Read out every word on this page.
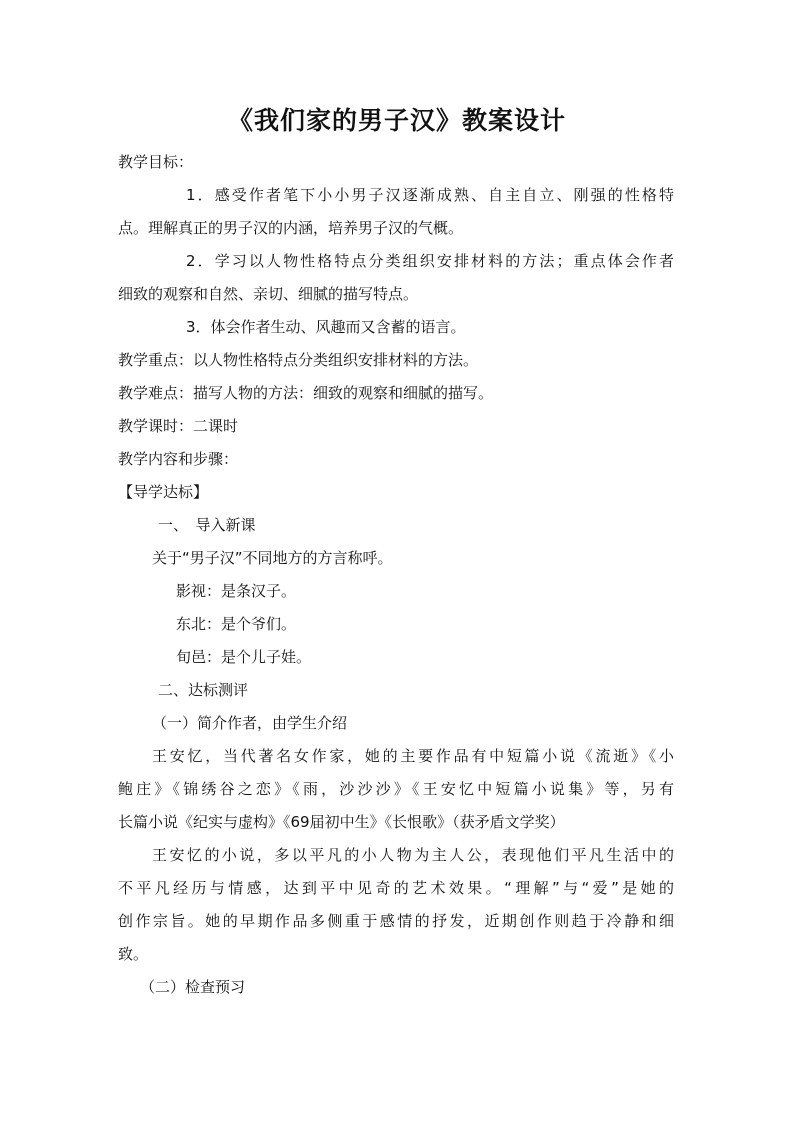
《我们家的男子汉》教案设计
教学目标：
1．感受作者笔下小小男子汉逐渐成熟、自主自立、刚强的性格特
点。理解真正的男子汉的内涵，培养男子汉的气概。
2．学习以人物性格特点分类组织安排材料的方法；重点体会作者
细致的观察和自然、亲切、细腻的描写特点。
3．体会作者生动、风趣而又含蓄的语言。
教学重点：以人物性格特点分类组织安排材料的方法。
教学难点：描写人物的方法：细致的观察和细腻的描写。
教学课时：二课时
教学内容和步骤：
【导学达标】
一、　导入新课
关于“男子汉”不同地方的方言称呼。
影视：是条汉子。
东北：是个爷们。
旬邑：是个儿子娃。
二、达标测评
（一）简介作者，由学生介绍
王安忆，当代著名女作家，她的主要作品有中短篇小说《流逝》《小
鲍庄》《锦绣谷之恋》《雨，沙沙沙》《王安忆中短篇小说集》等，另有
长篇小说《纪实与虚构》《69届初中生》《长恨歌》（获矛盾文学奖）
王安忆的小说，多以平凡的小人物为主人公，表现他们平凡生活中的
不平凡经历与情感，达到平中见奇的艺术效果。“理解”与“爱”是她的
创作宗旨。她的早期作品多侧重于感情的抒发，近期创作则趋于冷静和细
致。
（二）检查预习
